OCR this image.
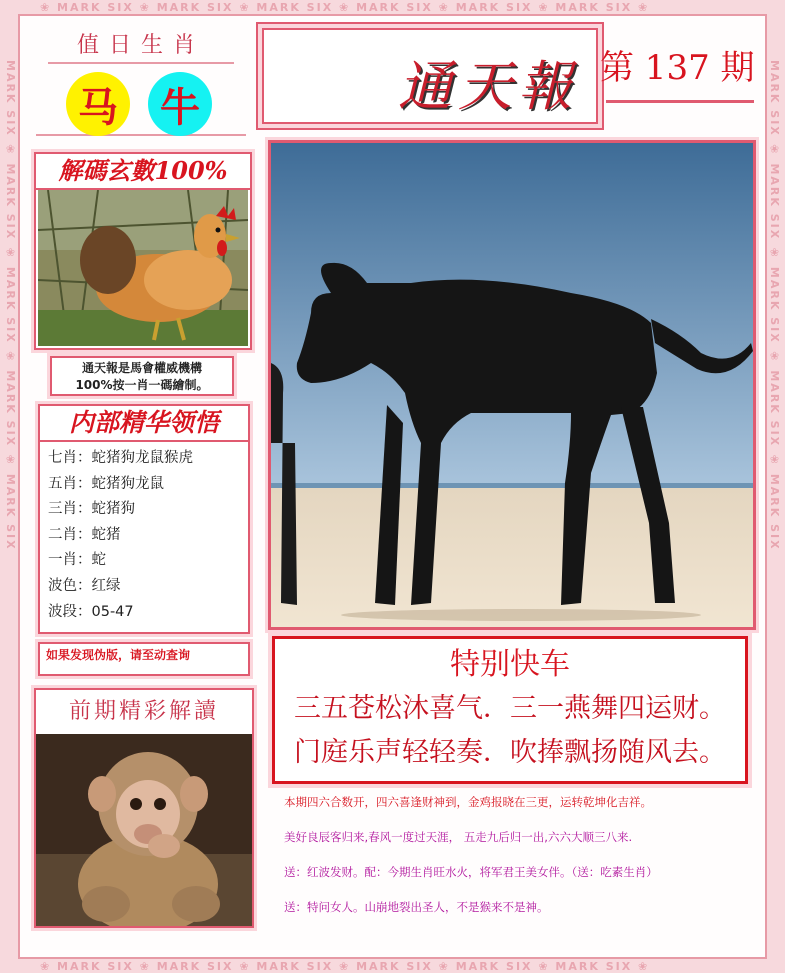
❀ MARK SIX ❀ MARK SIX ❀ MARK SIX ❀ MARK SIX ❀ MARK SIX ❀ MARK SIX ❀
❀ MARK SIX ❀ MARK SIX ❀ MARK SIX ❀ MARK SIX ❀ MARK SIX ❀ MARK SIX ❀
MARK SIX ❀ MARK SIX ❀ MARK SIX ❀ MARK SIX ❀ MARK SIX
MARK SIX ❀ MARK SIX ❀ MARK SIX ❀ MARK SIX ❀ MARK SIX
值日生肖
马	牛
解碼玄數100%
通天報是馬會權威機構
100%按一肖一碼繪制。
内部精华领悟
七肖：蛇猪狗龙鼠猴虎
五肖：蛇猪狗龙鼠
三肖：蛇猪狗
二肖：蛇猪
一肖：蛇
波色：红绿
波段：05-47
如果发现伪版，请至动查询
前期精彩解讀
通天報 第 137 期
特别快车
三五苍松沐喜气．三一燕舞四运财。
门庭乐声轻轻奏．吹捧飘扬随风去。
本期四六合数开，四六喜逢财神到，金鸡报晓在三更，运转乾坤化吉祥。
美好良辰客归来,春风一度过天涯， 五走九后归一出,六六大顺三八来.
送：红波发财。配：今期生肖旺水火，将军君王美女伴。（送：吃素生肖）
送：特问女人。山崩地裂出圣人，不是猴来不是神。
